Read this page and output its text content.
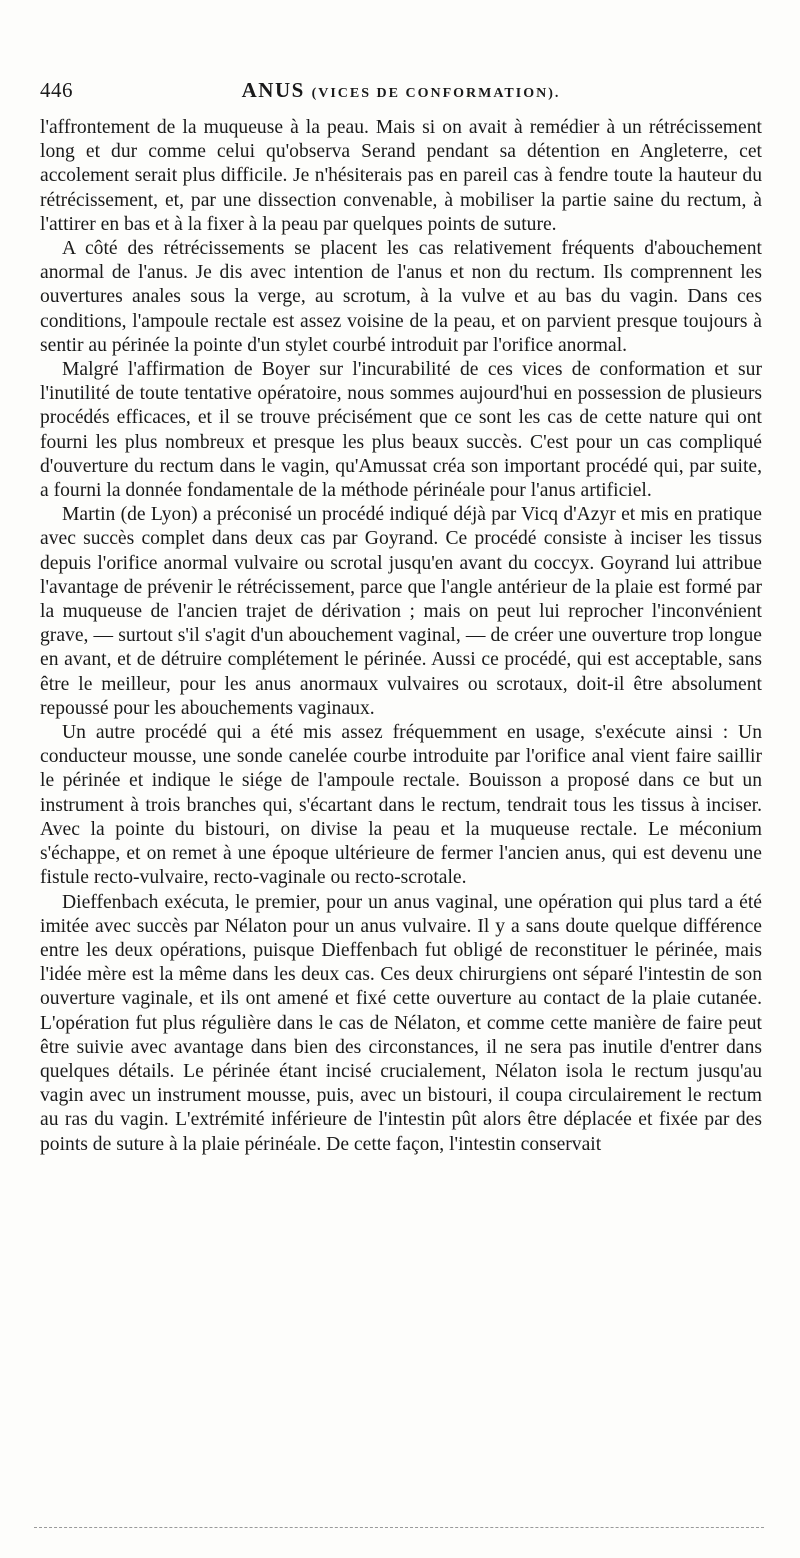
446	ANUS (VICES DE CONFORMATION).

l'affrontement de la muqueuse à la peau. Mais si on avait à remédier à un rétrécissement long et dur comme celui qu'observa Serand pendant sa détention en Angleterre, cet accolement serait plus difficile. Je n'hésiterais pas en pareil cas à fendre toute la hauteur du rétrécissement, et, par une dissection convenable, à mobiliser la partie saine du rectum, à l'attirer en bas et à la fixer à la peau par quelques points de suture.

A côté des rétrécissements se placent les cas relativement fréquents d'abouchement anormal de l'anus. Je dis avec intention de l'anus et non du rectum. Ils comprennent les ouvertures anales sous la verge, au scrotum, à la vulve et au bas du vagin. Dans ces conditions, l'ampoule rectale est assez voisine de la peau, et on parvient presque toujours à sentir au périnée la pointe d'un stylet courbé introduit par l'orifice anormal.

Malgré l'affirmation de Boyer sur l'incurabilité de ces vices de conformation et sur l'inutilité de toute tentative opératoire, nous sommes aujourd'hui en possession de plusieurs procédés efficaces, et il se trouve précisément que ce sont les cas de cette nature qui ont fourni les plus nombreux et presque les plus beaux succès. C'est pour un cas compliqué d'ouverture du rectum dans le vagin, qu'Amussat créa son important procédé qui, par suite, a fourni la donnée fondamentale de la méthode périnéale pour l'anus artificiel.

Martin (de Lyon) a préconisé un procédé indiqué déjà par Vicq d'Azyr et mis en pratique avec succès complet dans deux cas par Goyrand. Ce procédé consiste à inciser les tissus depuis l'orifice anormal vulvaire ou scrotal jusqu'en avant du coccyx. Goyrand lui attribue l'avantage de prévenir le rétrécissement, parce que l'angle antérieur de la plaie est formé par la muqueuse de l'ancien trajet de dérivation ; mais on peut lui reprocher l'inconvénient grave, — surtout s'il s'agit d'un abouchement vaginal, — de créer une ouverture trop longue en avant, et de détruire complétement le périnée. Aussi ce procédé, qui est acceptable, sans être le meilleur, pour les anus anormaux vulvaires ou scrotaux, doit-il être absolument repoussé pour les abouchements vaginaux.

Un autre procédé qui a été mis assez fréquemment en usage, s'exécute ainsi : Un conducteur mousse, une sonde canelée courbe introduite par l'orifice anal vient faire saillir le périnée et indique le siége de l'ampoule rectale. Bouisson a proposé dans ce but un instrument à trois branches qui, s'écartant dans le rectum, tendrait tous les tissus à inciser. Avec la pointe du bistouri, on divise la peau et la muqueuse rectale. Le méconium s'échappe, et on remet à une époque ultérieure de fermer l'ancien anus, qui est devenu une fistule recto-vulvaire, recto-vaginale ou recto-scrotale.

Dieffenbach exécuta, le premier, pour un anus vaginal, une opération qui plus tard a été imitée avec succès par Nélaton pour un anus vulvaire. Il y a sans doute quelque différence entre les deux opérations, puisque Dieffenbach fut obligé de reconstituer le périnée, mais l'idée mère est la même dans les deux cas. Ces deux chirurgiens ont séparé l'intestin de son ouverture vaginale, et ils ont amené et fixé cette ouverture au contact de la plaie cutanée. L'opération fut plus régulière dans le cas de Nélaton, et comme cette manière de faire peut être suivie avec avantage dans bien des circonstances, il ne sera pas inutile d'entrer dans quelques détails. Le périnée étant incisé crucialement, Nélaton isola le rectum jusqu'au vagin avec un instrument mousse, puis, avec un bistouri, il coupa circulairement le rectum au ras du vagin. L'extrémité inférieure de l'intestin pût alors être déplacée et fixée par des points de suture à la plaie périnéale. De cette façon, l'intestin conservait
